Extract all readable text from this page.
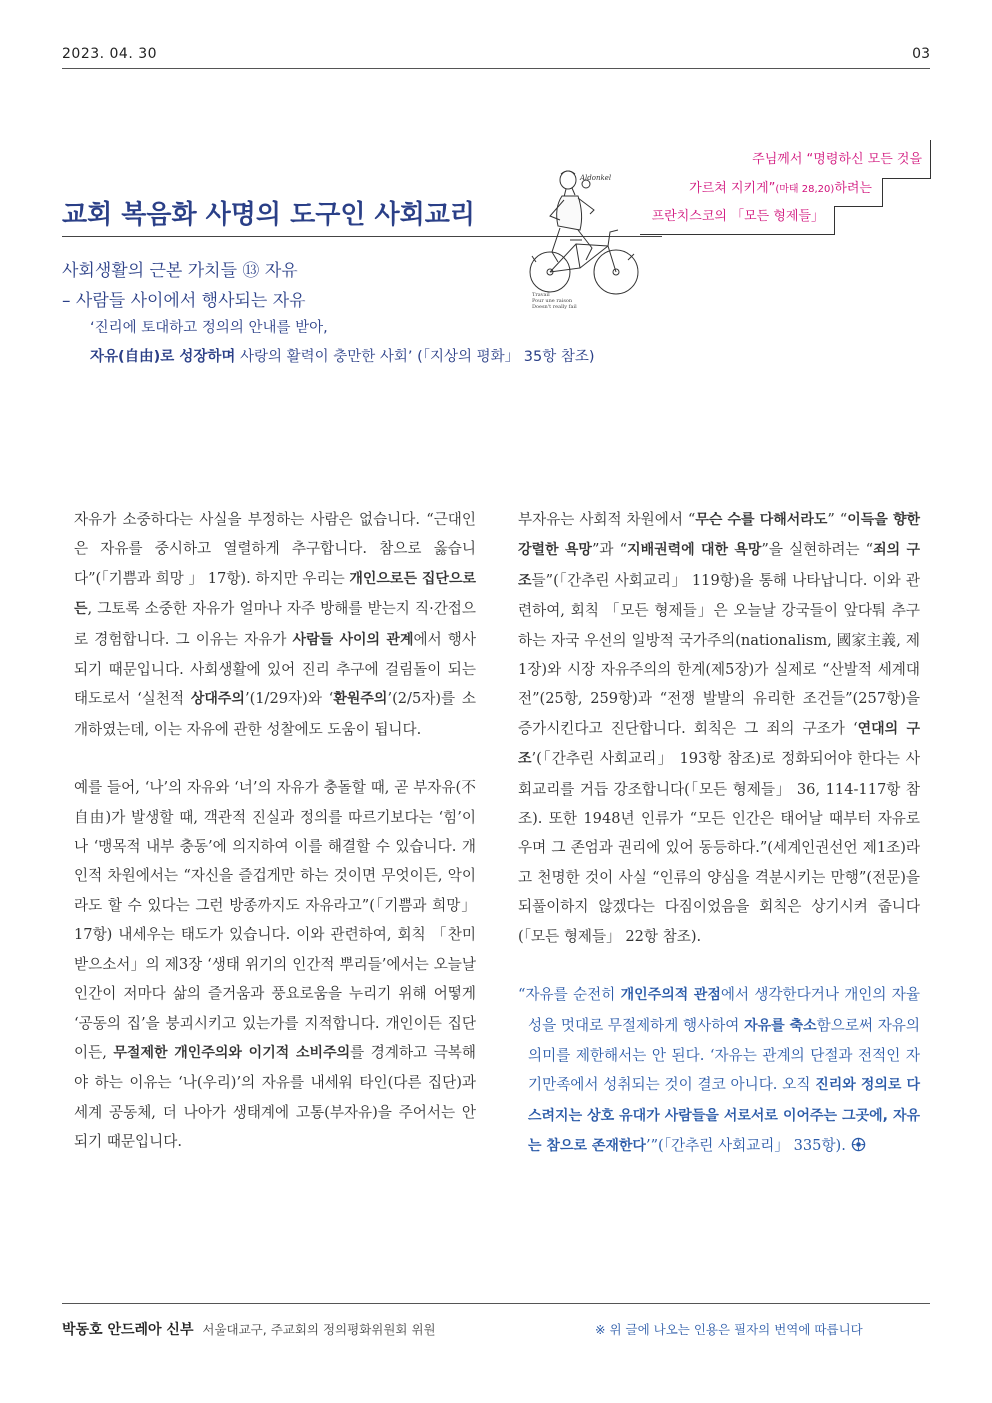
2023. 04. 30	03
교회 복음화 사명의 도구인 사회교리
사회생활의 근본 가치들 ⑬ 자유
– 사람들 사이에서 행사되는 자유
‘진리에 토대하고 정의의 안내를 받아,
자유(自由)로 성장하며 사랑의 활력이 충만한 사회’ (「지상의 평화」 35항 참조)
Aldonkel
Travail Pour une raison Doesn't really fail
주님께서 “명령하신 모든 것을
가르쳐 지키게”(마태 28,20)하려는
프란치스코의 「모든 형제들」

자유가 소중하다는 사실을 부정하는 사람은 없습니다. “근대인은 자유를 중시하고 열렬하게 추구합니다. 참으로 옳습니다”(「기쁨과 희망 」 17항). 하지만 우리는 개인으로든 집단으로든, 그토록 소중한 자유가 얼마나 자주 방해를 받는지 직·간접으로 경험합니다. 그 이유는 자유가 사람들 사이의 관계에서 행사되기 때문입니다. 사회생활에 있어 진리 추구에 걸림돌이 되는 태도로서 ‘실천적 상대주의’(1/29자)와 ‘환원주의’(2/5자)를 소개하였는데, 이는 자유에 관한 성찰에도 도움이 됩니다.

예를 들어, ‘나’의 자유와 ‘너’의 자유가 충돌할 때, 곧 부자유(不自由)가 발생할 때, 객관적 진실과 정의를 따르기보다는 ‘힘’이나 ‘맹목적 내부 충동’에 의지하여 이를 해결할 수 있습니다. 개인적 차원에서는 “자신을 즐겁게만 하는 것이면 무엇이든, 악이라도 할 수 있다는 그런 방종까지도 자유라고”(「기쁨과 희망」 17항) 내세우는 태도가 있습니다. 이와 관련하여, 회칙 「찬미받으소서」의 제3장 ‘생태 위기의 인간적 뿌리들’에서는 오늘날 인간이 저마다 삶의 즐거움과 풍요로움을 누리기 위해 어떻게 ‘공동의 집’을 붕괴시키고 있는가를 지적합니다. 개인이든 집단이든, 무절제한 개인주의와 이기적 소비주의를 경계하고 극복해야 하는 이유는 ‘나(우리)’의 자유를 내세워 타인(다른 집단)과 세계 공동체, 더 나아가 생태계에 고통(부자유)을 주어서는 안 되기 때문입니다.

부자유는 사회적 차원에서 “무슨 수를 다해서라도” “이득을 향한 강렬한 욕망”과 “지배권력에 대한 욕망”을 실현하려는 “죄의 구조들”(「간추린 사회교리」 119항)을 통해 나타납니다. 이와 관련하여, 회칙 「모든 형제들」은 오늘날 강국들이 앞다퉈 추구하는 자국 우선의 일방적 국가주의(nationalism, 國家主義, 제1장)와 시장 자유주의의 한계(제5장)가 실제로 “산발적 세계대전”(25항, 259항)과 “전쟁 발발의 유리한 조건들”(257항)을 증가시킨다고 진단합니다. 회칙은 그 죄의 구조가 ‘연대의 구조’(「간추린 사회교리」 193항 참조)로 정화되어야 한다는 사회교리를 거듭 강조합니다(「모든 형제들」 36, 114-117항 참조). 또한 1948년 인류가 “모든 인간은 태어날 때부터 자유로우며 그 존엄과 권리에 있어 동등하다.”(세계인권선언 제1조)라고 천명한 것이 사실 “인류의 양심을 격분시키는 만행”(전문)을 되풀이하지 않겠다는 다짐이었음을 회칙은 상기시켜 줍니다(「모든 형제들」 22항 참조).

“자유를 순전히 개인주의적 관점에서 생각한다거나 개인의 자율성을 멋대로 무절제하게 행사하여 자유를 축소함으로써 자유의 의미를 제한해서는 안 된다. ‘자유는 관계의 단절과 전적인 자기만족에서 성취되는 것이 결코 아니다. 오직 진리와 정의로 다스려지는 상호 유대가 사람들을 서로서로 이어주는 그곳에, 자유는 참으로 존재한다’”(「간추린 사회교리」 335항).

박동호 안드레아 신부 서울대교구, 주교회의 정의평화위원회 위원	※ 위 글에 나오는 인용은 필자의 번역에 따릅니다
